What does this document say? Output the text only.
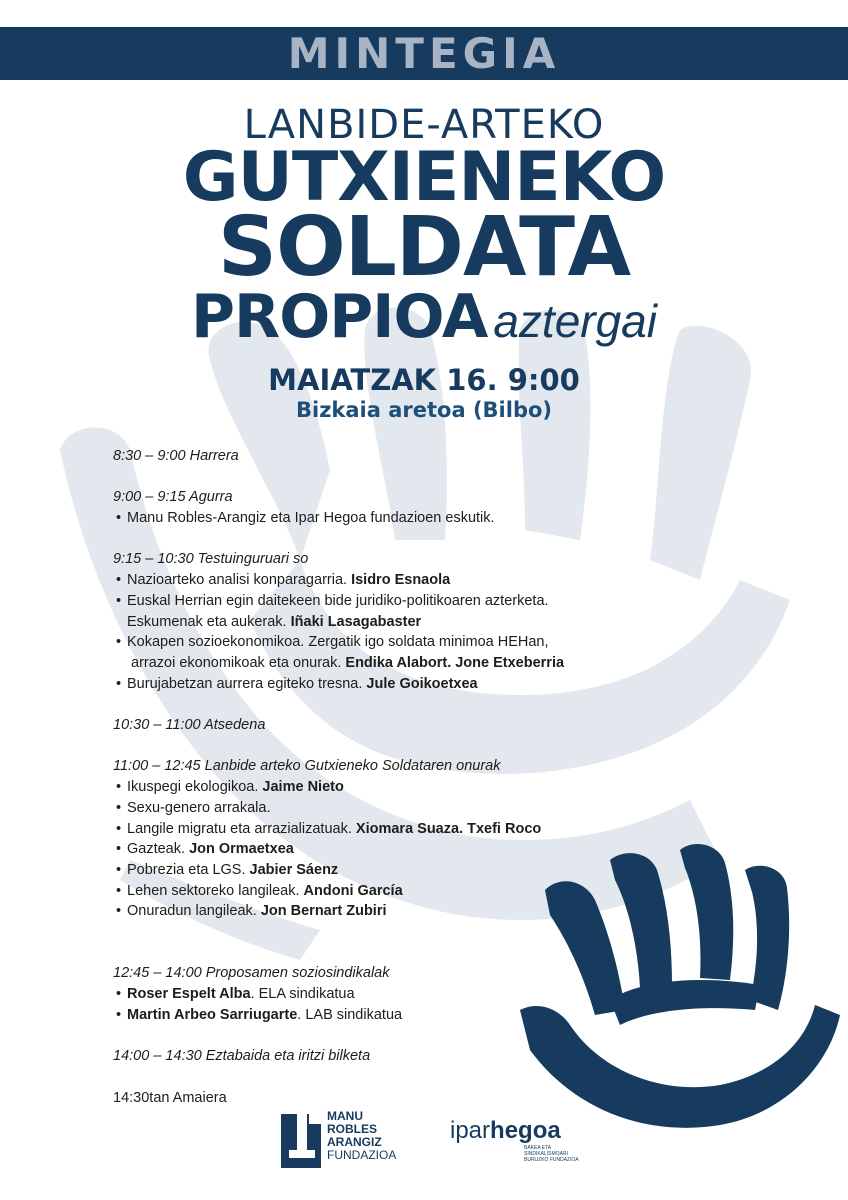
MINTEGIA
LANBIDE-ARTEKO
GUTXIENEKO
SOLDATA
PROPIOA aztergai
MAIATZAK 16. 9:00
Bizkaia aretoa (Bilbo)
8:30 – 9:00 Harrera
9:00 – 9:15 Agurra
• Manu Robles-Arangiz eta Ipar Hegoa fundazioen eskutik.
9:15 – 10:30 Testuinguruari so
• Nazioarteko analisi konparagarria. Isidro Esnaola
• Euskal Herrian egin daitekeen bide juridiko-politikoaren azterketa.
Eskumenak eta aukerak. Iñaki Lasagabaster
• Kokapen sozioekonomikoa. Zergatik igo soldata minimoa HEHan,
arrazoi ekonomikoak eta onurak. Endika Alabort. Jone Etxeberria
• Burujabetzan aurrera egiteko tresna. Jule Goikoetxea
10:30 – 11:00 Atsedena
11:00 – 12:45 Lanbide arteko Gutxieneko Soldataren onurak
• Ikuspegi ekologikoa. Jaime Nieto
• Sexu-genero arrakala.
• Langile migratu eta arrazializatuak. Xiomara Suaza. Txefi Roco
• Gazteak. Jon Ormaetxea
• Pobrezia eta LGS. Jabier Sáenz
• Lehen sektoreko langileak. Andoni García
• Onuradun langileak. Jon Bernart Zubiri
12:45 – 14:00 Proposamen soziosindikalak
• Roser Espelt Alba. ELA sindikatua
• Martin Arbeo Sarriugarte. LAB sindikatua
14:00 – 14:30 Eztabaida eta iritzi bilketa
14:30tan Amaiera
MANU
ROBLES
ARANGIZ
FUNDAZIOA
iparhegoa
BAKEA ETA SINDIKALISMOARI BURUZKO FUNDAZIOA
